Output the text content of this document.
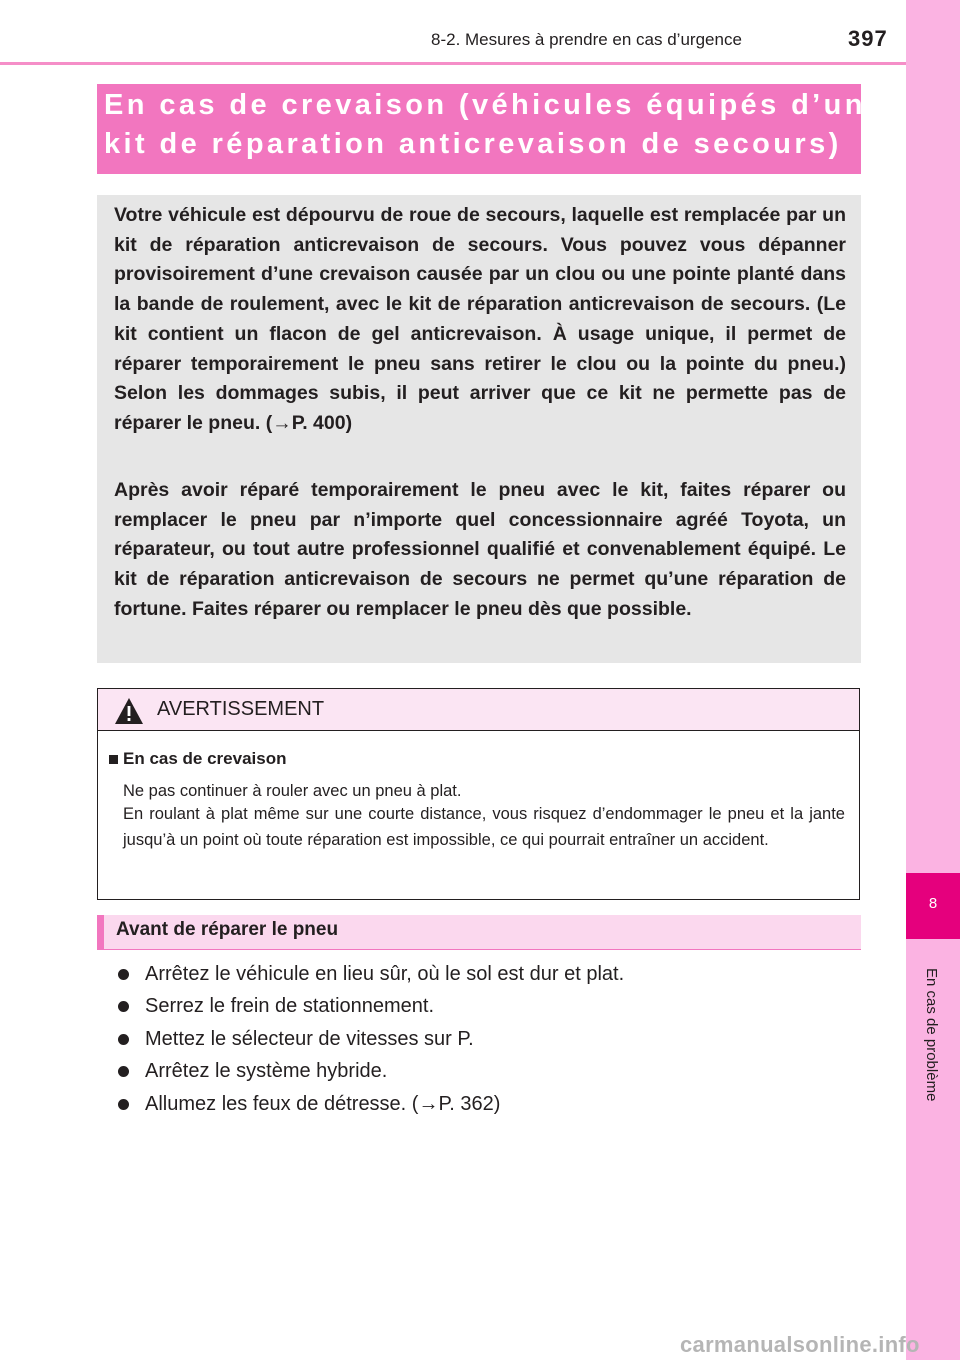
8-2. Mesures à prendre en cas d’urgence	397
8
En cas de problème
En cas de crevaison (véhicules équipés d’un
kit de réparation anticrevaison de secours)

Votre véhicule est dépourvu de roue de secours, laquelle est remplacée par un kit de réparation anticrevaison de secours. Vous pouvez vous dépanner provisoirement d’une crevaison causée par un clou ou une pointe planté dans la bande de roulement, avec le kit de réparation anticrevaison de secours. (Le kit contient un flacon de gel anticrevaison. À usage unique, il permet de réparer temporairement le pneu sans retirer le clou ou la pointe du pneu.) Selon les dommages subis, il peut arriver que ce kit ne permette pas de réparer le pneu. (→P. 400)

Après avoir réparé temporairement le pneu avec le kit, faites réparer ou remplacer le pneu par n’importe quel concessionnaire agréé Toyota, un réparateur, ou tout autre professionnel qualifié et convenablement équipé. Le kit de réparation anticrevaison de secours ne permet qu’une réparation de fortune. Faites réparer ou remplacer le pneu dès que possible.

AVERTISSEMENT
En cas de crevaison

Ne pas continuer à rouler avec un pneu à plat.

En roulant à plat même sur une courte distance, vous risquez d’endommager le pneu et la jante jusqu’à un point où toute réparation est impossible, ce qui pourrait entraîner un accident.

Avant de réparer le pneu
Arrêtez le véhicule en lieu sûr, où le sol est dur et plat.
Serrez le frein de stationnement.
Mettez le sélecteur de vitesses sur P.
Arrêtez le système hybride.
Allumez les feux de détresse. (→P. 362)
carmanualsonline.info
